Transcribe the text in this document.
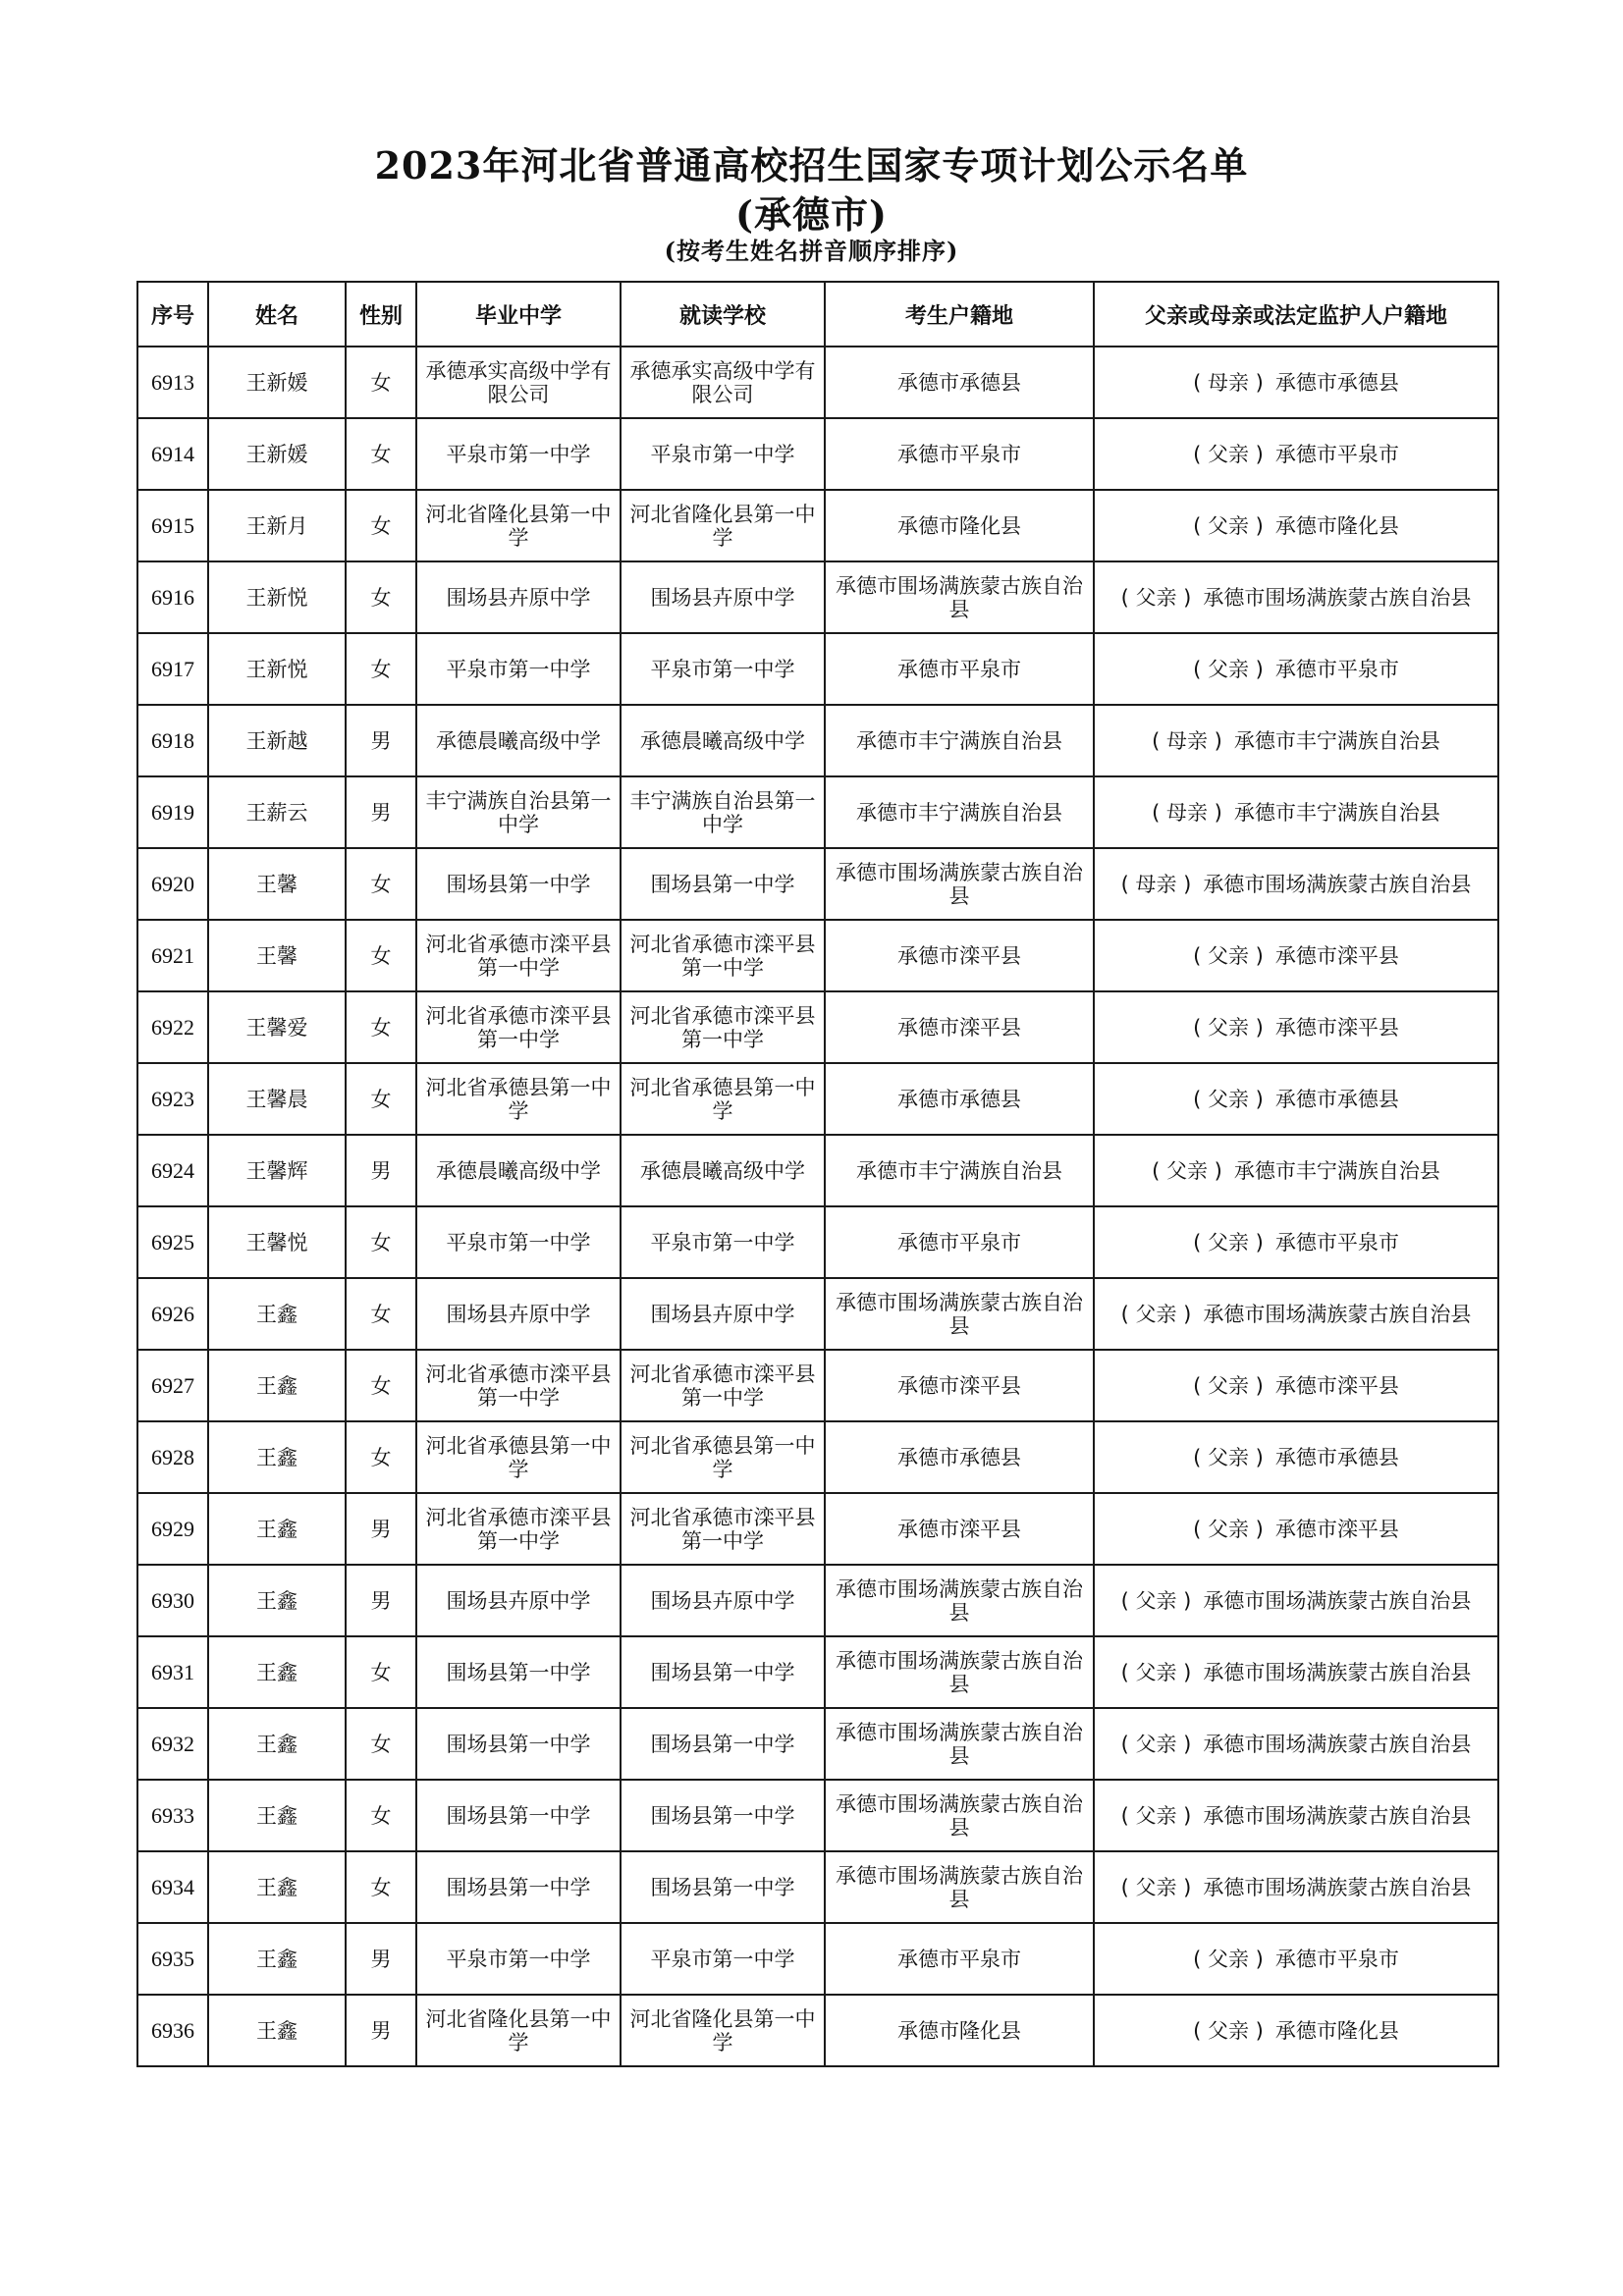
2023年河北省普通高校招生国家专项计划公示名单
(承德市)
(按考生姓名拼音顺序排序)
序号	姓名	性别	毕业中学	就读学校	考生户籍地	父亲或母亲或法定监护人户籍地
6913	王新媛	女	承德承实高级中学有限公司	承德承实高级中学有限公司	承德市承德县	( 母亲 ) 承德市承德县
6914	王新媛	女	平泉市第一中学	平泉市第一中学	承德市平泉市	( 父亲 ) 承德市平泉市
6915	王新月	女	河北省隆化县第一中学	河北省隆化县第一中学	承德市隆化县	( 父亲 ) 承德市隆化县
6916	王新悦	女	围场县卉原中学	围场县卉原中学	承德市围场满族蒙古族自治县	( 父亲 ) 承德市围场满族蒙古族自治县
6917	王新悦	女	平泉市第一中学	平泉市第一中学	承德市平泉市	( 父亲 ) 承德市平泉市
6918	王新越	男	承德晨曦高级中学	承德晨曦高级中学	承德市丰宁满族自治县	( 母亲 ) 承德市丰宁满族自治县
6919	王薪云	男	丰宁满族自治县第一中学	丰宁满族自治县第一中学	承德市丰宁满族自治县	( 母亲 ) 承德市丰宁满族自治县
6920	王馨	女	围场县第一中学	围场县第一中学	承德市围场满族蒙古族自治县	( 母亲 ) 承德市围场满族蒙古族自治县
6921	王馨	女	河北省承德市滦平县第一中学	河北省承德市滦平县第一中学	承德市滦平县	( 父亲 ) 承德市滦平县
6922	王馨爱	女	河北省承德市滦平县第一中学	河北省承德市滦平县第一中学	承德市滦平县	( 父亲 ) 承德市滦平县
6923	王馨晨	女	河北省承德县第一中学	河北省承德县第一中学	承德市承德县	( 父亲 ) 承德市承德县
6924	王馨辉	男	承德晨曦高级中学	承德晨曦高级中学	承德市丰宁满族自治县	( 父亲 ) 承德市丰宁满族自治县
6925	王馨悦	女	平泉市第一中学	平泉市第一中学	承德市平泉市	( 父亲 ) 承德市平泉市
6926	王鑫	女	围场县卉原中学	围场县卉原中学	承德市围场满族蒙古族自治县	( 父亲 ) 承德市围场满族蒙古族自治县
6927	王鑫	女	河北省承德市滦平县第一中学	河北省承德市滦平县第一中学	承德市滦平县	( 父亲 ) 承德市滦平县
6928	王鑫	女	河北省承德县第一中学	河北省承德县第一中学	承德市承德县	( 父亲 ) 承德市承德县
6929	王鑫	男	河北省承德市滦平县第一中学	河北省承德市滦平县第一中学	承德市滦平县	( 父亲 ) 承德市滦平县
6930	王鑫	男	围场县卉原中学	围场县卉原中学	承德市围场满族蒙古族自治县	( 父亲 ) 承德市围场满族蒙古族自治县
6931	王鑫	女	围场县第一中学	围场县第一中学	承德市围场满族蒙古族自治县	( 父亲 ) 承德市围场满族蒙古族自治县
6932	王鑫	女	围场县第一中学	围场县第一中学	承德市围场满族蒙古族自治县	( 父亲 ) 承德市围场满族蒙古族自治县
6933	王鑫	女	围场县第一中学	围场县第一中学	承德市围场满族蒙古族自治县	( 父亲 ) 承德市围场满族蒙古族自治县
6934	王鑫	女	围场县第一中学	围场县第一中学	承德市围场满族蒙古族自治县	( 父亲 ) 承德市围场满族蒙古族自治县
6935	王鑫	男	平泉市第一中学	平泉市第一中学	承德市平泉市	( 父亲 ) 承德市平泉市
6936	王鑫	男	河北省隆化县第一中学	河北省隆化县第一中学	承德市隆化县	( 父亲 ) 承德市隆化县
